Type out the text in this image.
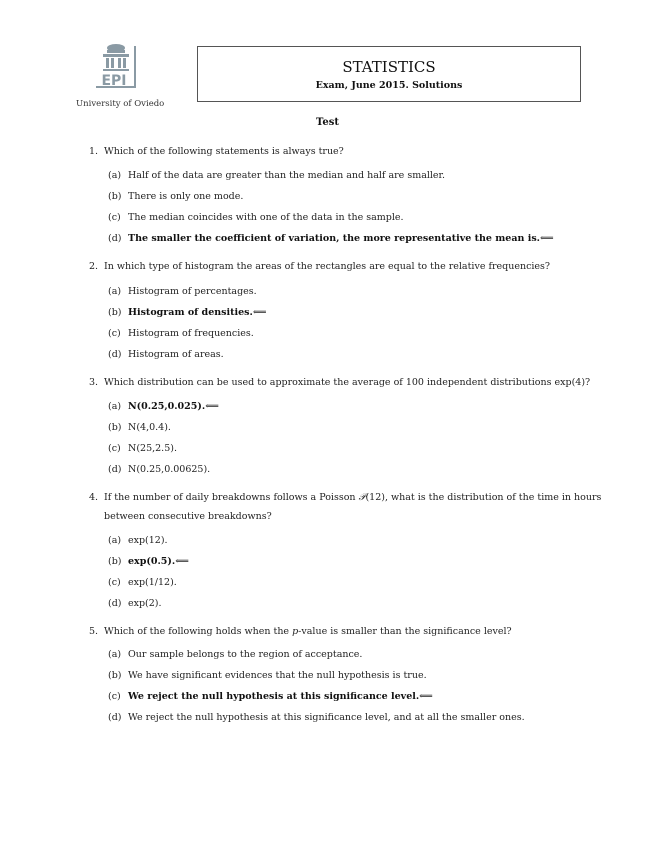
EPI
University of Oviedo
STATISTICS
Exam, June 2015. Solutions
Test
1. Which of the following statements is always true?
(a) Half of the data are greater than the median and half are smaller.
(b) There is only one mode.
(c) The median coincides with one of the data in the sample.
(d) The smaller the coefficient of variation, the more representative the mean is.⟸
2. In which type of histogram the areas of the rectangles are equal to the relative frequencies?
(a) Histogram of percentages.
(b) Histogram of densities.⟸
(c) Histogram of frequencies.
(d) Histogram of areas.
3. Which distribution can be used to approximate the average of 100 independent distributions exp(4)?
(a) N(0.25,0.025).⟸
(b) N(4,0.4).
(c) N(25,2.5).
(d) N(0.25,0.00625).
4. If the number of daily breakdowns follows a Poisson 𝒫(12), what is the distribution of the time in hours between consecutive breakdowns?
(a) exp(12).
(b) exp(0.5).⟸
(c) exp(1/12).
(d) exp(2).
5. Which of the following holds when the p-value is smaller than the significance level?
(a) Our sample belongs to the region of acceptance.
(b) We have significant evidences that the null hypothesis is true.
(c) We reject the null hypothesis at this significance level.⟸
(d) We reject the null hypothesis at this significance level, and at all the smaller ones.
